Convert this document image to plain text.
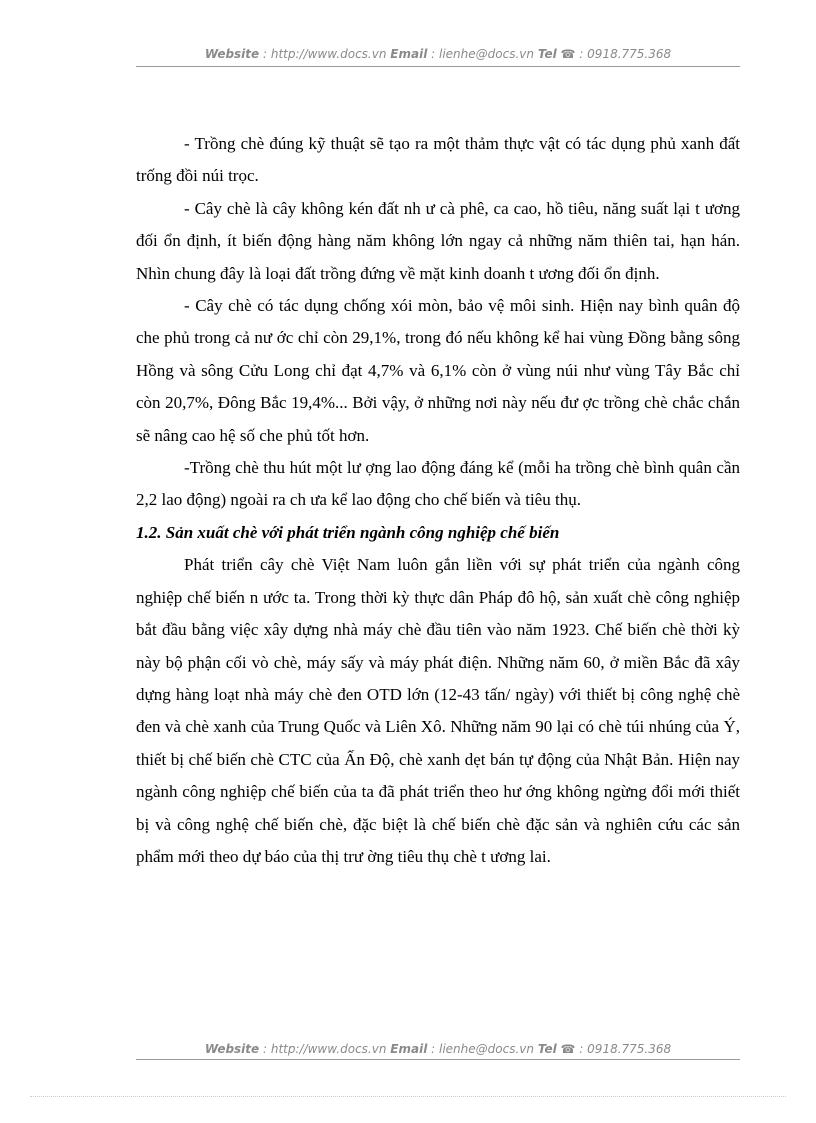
Website : http://www.docs.vn Email : lienhe@docs.vn Tel ☎ : 0918.775.368

- Trồng chè đúng kỹ thuật sẽ tạo ra một thảm thực vật có tác dụng phủ xanh đất trống đồi núi trọc.

- Cây chè là cây không kén đất nh ư cà phê, ca cao, hồ tiêu, năng suất lại t ương đối ổn định, ít biến động hàng năm không lớn ngay cả những năm thiên tai, hạn hán. Nhìn chung đây là loại đất trồng đứng về mặt kinh doanh t ương đối ổn định.

- Cây chè có tác dụng chống xói mòn, bảo vệ môi sinh. Hiện nay bình quân độ che phủ trong cả nư ớc chỉ còn 29,1%, trong đó nếu không kể hai vùng Đồng bằng sông Hồng và sông Cửu Long chỉ đạt 4,7% và 6,1% còn ở vùng núi như vùng Tây Bắc chỉ còn 20,7%, Đông Bắc 19,4%... Bởi vậy, ở những nơi này nếu đư ợc trồng chè chắc chắn sẽ nâng cao hệ số che phủ tốt hơn.

-Trồng chè thu hút một lư ợng lao động đáng kể (mỗi ha trồng chè bình quân cần 2,2 lao động) ngoài ra ch ưa kể lao động cho chế biến và tiêu thụ.

1.2. Sản xuất chè với phát triển ngành công nghiệp chế biến

Phát triển cây chè Việt Nam luôn gắn liền với sự phát triển của ngành công nghiệp chế biến n ước ta. Trong thời kỳ thực dân Pháp đô hộ, sản xuất chè công nghiệp bắt đầu bằng việc xây dựng nhà máy chè đầu tiên vào năm 1923. Chế biến chè thời kỳ này bộ phận cối vò chè, máy sấy và máy phát điện. Những năm 60, ở miền Bắc đã xây dựng hàng loạt nhà máy chè đen OTD lớn (12-43 tấn/ ngày) với thiết bị công nghệ chè đen và chè xanh của Trung Quốc và Liên Xô. Những năm 90 lại có chè túi nhúng của Ý, thiết bị chế biến chè CTC của Ấn Độ, chè xanh dẹt bán tự động của Nhật Bản. Hiện nay ngành công nghiệp chế biến của ta đã phát triển theo hư ớng không ngừng đổi mới thiết bị và công nghệ chế biến chè, đặc biệt là chế biến chè đặc sản và nghiên cứu các sản phẩm mới theo dự báo của thị trư ờng tiêu thụ chè t ương lai.

Website : http://www.docs.vn Email : lienhe@docs.vn Tel ☎ : 0918.775.368
